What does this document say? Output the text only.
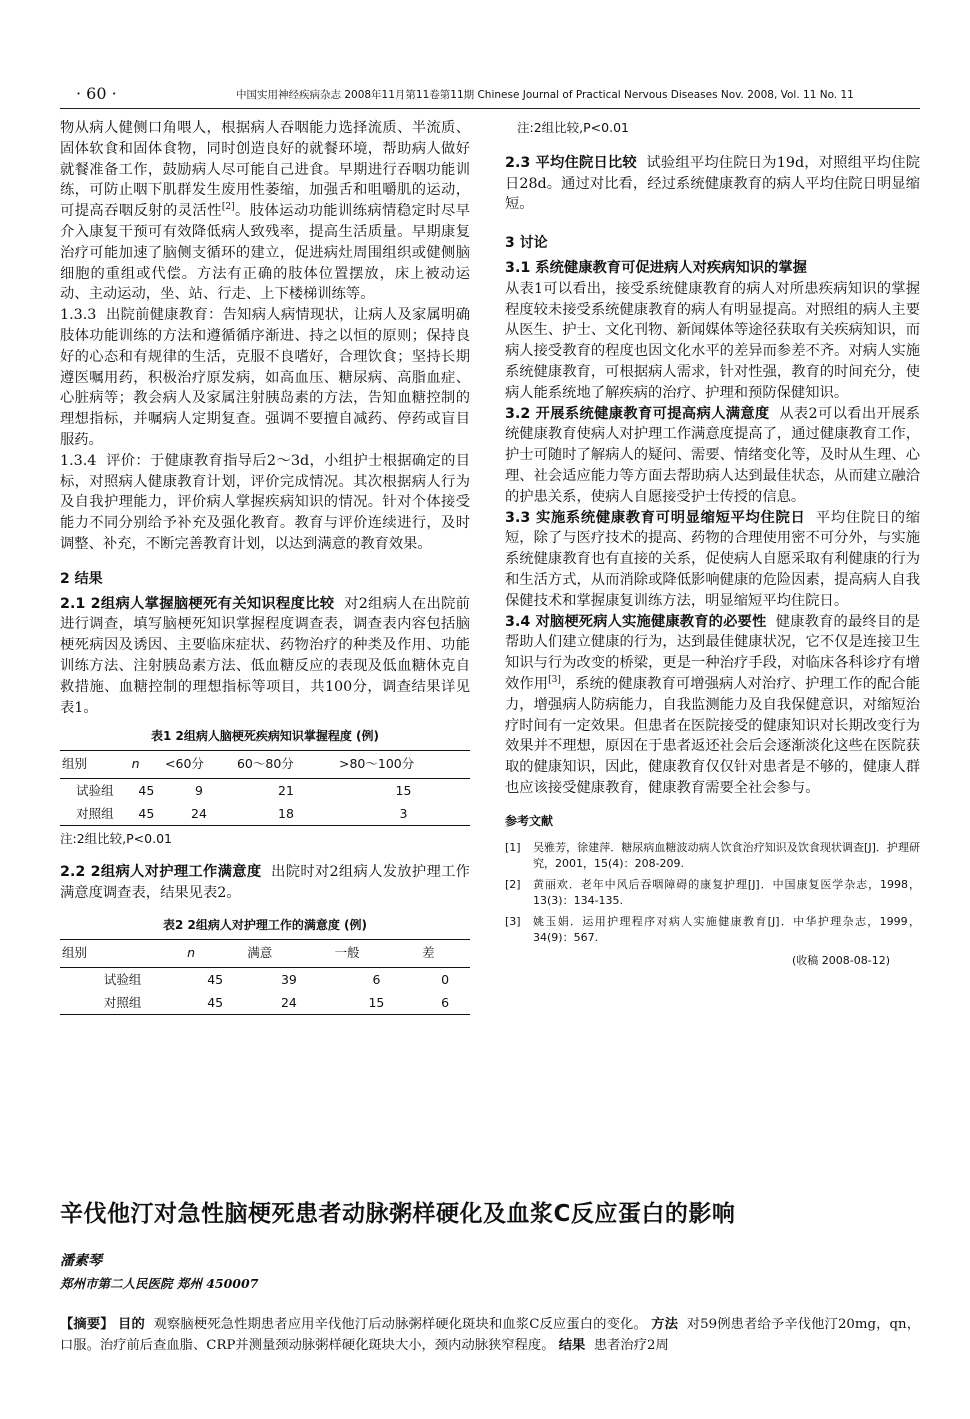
· 60 ·	中国实用神经疾病杂志 2008年11月第11卷第11期 Chinese Journal of Practical Nervous Diseases Nov. 2008, Vol. 11 No. 11

物从病人健侧口角喂人，根据病人吞咽能力选择流质、半流质、固体软食和固体食物，同时创造良好的就餐环境，帮助病人做好就餐准备工作，鼓励病人尽可能自己进食。早期进行吞咽功能训练，可防止咽下肌群发生废用性萎缩，加强舌和咀嚼肌的运动，可提高吞咽反射的灵活性[2]。肢体运动功能训练病情稳定时尽早介入康复干预可有效降低病人致残率，提高生活质量。早期康复治疗可能加速了脑侧支循环的建立，促进病灶周围组织或健侧脑细胞的重组或代偿。方法有正确的肢体位置摆放，床上被动运动、主动运动，坐、站、行走、上下楼梯训练等。

1.3.3 出院前健康教育：告知病人病情现状，让病人及家属明确肢体功能训练的方法和遵循循序渐进、持之以恒的原则；保持良好的心态和有规律的生活，克服不良嗜好，合理饮食；坚持长期遵医嘱用药，积极治疗原发病，如高血压、糖尿病、高脂血症、心脏病等；教会病人及家属注射胰岛素的方法，告知血糖控制的理想指标，并嘱病人定期复查。强调不要擅自减药、停药或盲目服药。

1.3.4 评价：于健康教育指导后2～3d，小组护士根据确定的目标，对照病人健康教育计划，评价完成情况。其次根据病人行为及自我护理能力，评价病人掌握疾病知识的情况。针对个体接受能力不同分别给予补充及强化教育。教育与评价连续进行，及时调整、补充，不断完善教育计划，以达到满意的教育效果。

2 结果

2.1 2组病人掌握脑梗死有关知识程度比较 对2组病人在出院前进行调查，填写脑梗死知识掌握程度调查表，调查表内容包括脑梗死病因及诱因、主要临床症状、药物治疗的种类及作用、功能训练方法、注射胰岛素方法、低血糖反应的表现及低血糖休克自救措施、血糖控制的理想指标等项目，共100分，调查结果详见表1。

表1 2组病人脑梗死疾病知识掌握程度 (例)
组别	n	<60分	60～80分	>80～100分
试验组	45	9	21	15
对照组	45	24	18	3
注:2组比较,P<0.01

2.2 2组病人对护理工作满意度 出院时对2组病人发放护理工作满意度调查表，结果见表2。

表2 2组病人对护理工作的满意度 (例)
组别	n	满意	一般	差
试验组	45	39	6	0
对照组	45	24	15	6

注:2组比较,P<0.01

2.3 平均住院日比较 试验组平均住院日为19d，对照组平均住院日28d。通过对比看，经过系统健康教育的病人平均住院日明显缩短。

3 讨论

3.1 系统健康教育可促进病人对疾病知识的掌握

从表1可以看出，接受系统健康教育的病人对所患疾病知识的掌握程度较未接受系统健康教育的病人有明显提高。对照组的病人主要从医生、护士、文化刊物、新闻媒体等途径获取有关疾病知识，而病人接受教育的程度也因文化水平的差异而参差不齐。对病人实施系统健康教育，可根据病人需求，针对性强，教育的时间充分，使病人能系统地了解疾病的治疗、护理和预防保健知识。

3.2 开展系统健康教育可提高病人满意度 从表2可以看出开展系统健康教育使病人对护理工作满意度提高了，通过健康教育工作，护士可随时了解病人的疑问、需要、情绪变化等，及时从生理、心理、社会适应能力等方面去帮助病人达到最佳状态，从而建立融洽的护患关系，使病人自愿接受护士传授的信息。

3.3 实施系统健康教育可明显缩短平均住院日 平均住院日的缩短，除了与医疗技术的提高、药物的合理使用密不可分外，与实施系统健康教育也有直接的关系，促使病人自愿采取有利健康的行为和生活方式，从而消除或降低影响健康的危险因素，提高病人自我保健技术和掌握康复训练方法，明显缩短平均住院日。

3.4 对脑梗死病人实施健康教育的必要性 健康教育的最终目的是帮助人们建立健康的行为，达到最佳健康状况，它不仅是连接卫生知识与行为改变的桥梁，更是一种治疗手段，对临床各科诊疗有增效作用[3]，系统的健康教育可增强病人对治疗、护理工作的配合能力，增强病人防病能力，自我监测能力及自我保健意识，对缩短治疗时间有一定效果。但患者在医院接受的健康知识对长期改变行为效果并不理想，原因在于患者返还社会后会逐渐淡化这些在医院获取的健康知识，因此，健康教育仅仅针对患者是不够的，健康人群也应该接受健康教育，健康教育需要全社会参与。

参考文献
[1]	吴雅芳，徐建萍．糖尿病血糖波动病人饮食治疗知识及饮食现状调查[J]．护理研究，2001，15(4)：208-209.
[2]	黄丽欢．老年中风后吞咽障碍的康复护理[J]．中国康复医学杂志，1998，13(3)：134-135.
[3]	姚玉娟．运用护理程序对病人实施健康教育[J]．中华护理杂志，1999，34(9)：567.
(收稿 2008-08-12)
辛伐他汀对急性脑梗死患者动脉粥样硬化及血浆C反应蛋白的影响

潘素琴

郑州市第二人民医院 郑州 450007

【摘要】 目的 观察脑梗死急性期患者应用辛伐他汀后动脉粥样硬化斑块和血浆C反应蛋白的变化。 方法 对59例患者给予辛伐他汀20mg，qn，口服。治疗前后查血脂、CRP并测量颈动脉粥样硬化斑块大小，颈内动脉狭窄程度。 结果 患者治疗2周
